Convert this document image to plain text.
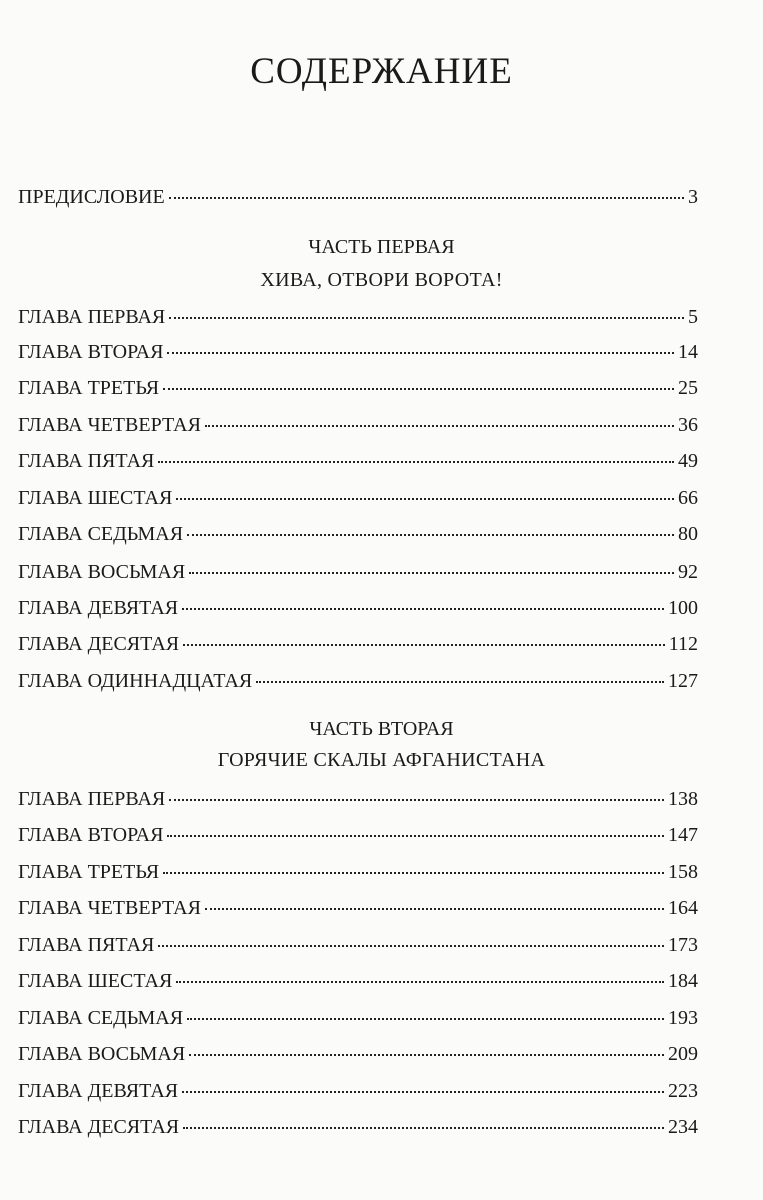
СОДЕРЖАНИЕ
ПРЕДИСЛОВИЕ	3
ЧАСТЬ ПЕРВАЯ
ХИВА, ОТВОРИ ВОРОТА!
ГЛАВА ПЕРВАЯ	5
ГЛАВА ВТОРАЯ	14
ГЛАВА ТРЕТЬЯ	25
ГЛАВА ЧЕТВЕРТАЯ	36
ГЛАВА ПЯТАЯ	49
ГЛАВА ШЕСТАЯ	66
ГЛАВА СЕДЬМАЯ	80
ГЛАВА ВОСЬМАЯ	92
ГЛАВА ДЕВЯТАЯ	100
ГЛАВА ДЕСЯТАЯ	112
ГЛАВА ОДИННАДЦАТАЯ	127
ЧАСТЬ ВТОРАЯ
ГОРЯЧИЕ СКАЛЫ АФГАНИСТАНА
ГЛАВА ПЕРВАЯ	138
ГЛАВА ВТОРАЯ	147
ГЛАВА ТРЕТЬЯ	158
ГЛАВА ЧЕТВЕРТАЯ	164
ГЛАВА ПЯТАЯ	173
ГЛАВА ШЕСТАЯ	184
ГЛАВА СЕДЬМАЯ	193
ГЛАВА ВОСЬМАЯ	209
ГЛАВА ДЕВЯТАЯ	223
ГЛАВА ДЕСЯТАЯ	234
